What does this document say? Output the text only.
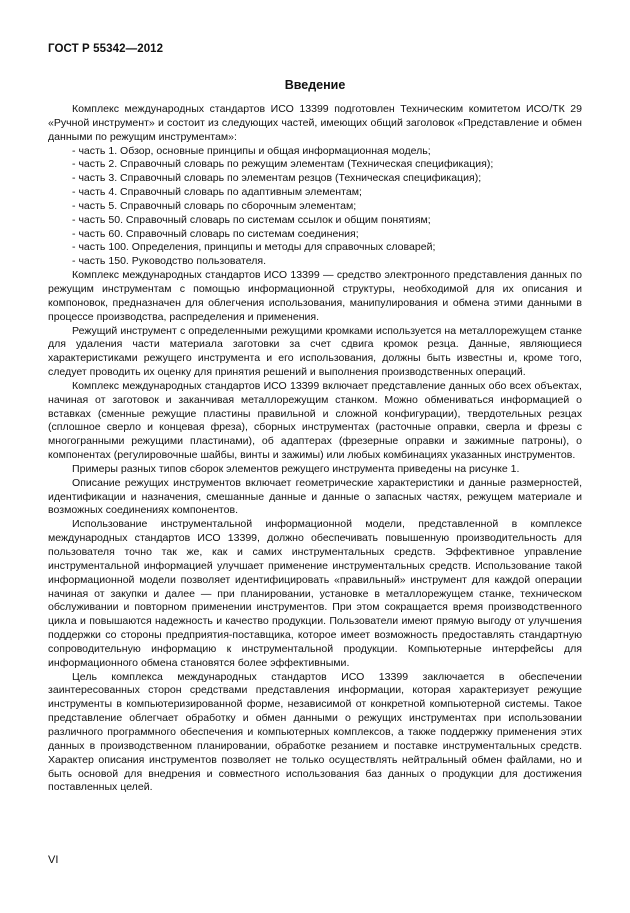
ГОСТ Р 55342—2012
Введение

Комплекс международных стандартов ИСО 13399 подготовлен Техническим комитетом ИСО/ТК 29 «Ручной инструмент» и состоит из следующих частей, имеющих общий заголовок «Представление и обмен данными по режущим инструментам»:

- часть 1. Обзор, основные принципы и общая информационная модель;
- часть 2. Справочный словарь по режущим элементам (Техническая спецификация);
- часть 3. Справочный словарь по элементам резцов (Техническая спецификация);
- часть 4. Справочный словарь по адаптивным элементам;
- часть 5. Справочный словарь по сборочным элементам;
- часть 50. Справочный словарь по системам ссылок и общим понятиям;
- часть 60. Справочный словарь по системам соединения;
- часть 100. Определения, принципы и методы для справочных словарей;
- часть 150. Руководство пользователя.

Комплекс международных стандартов ИСО 13399 — средство электронного представления данных по режущим инструментам с помощью информационной структуры, необходимой для их описания и компоновок, предназначен для облегчения использования, манипулирования и обмена этими данными в процессе производства, распределения и применения.

Режущий инструмент с определенными режущими кромками используется на металлорежущем станке для удаления части материала заготовки за счет сдвига кромок резца. Данные, являющиеся характеристиками режущего инструмента и его использования, должны быть известны и, кроме того, следует проводить их оценку для принятия решений и выполнения производственных операций.

Комплекс международных стандартов ИСО 13399 включает представление данных обо всех объектах, начиная от заготовок и заканчивая металлорежущим станком. Можно обмениваться информацией о вставках (сменные режущие пластины правильной и сложной конфигурации), твердотельных резцах (сплошное сверло и концевая фреза), сборных инструментах (расточные оправки, сверла и фрезы с многогранными режущими пластинами), об адаптерах (фрезерные оправки и зажимные патроны), о компонентах (регулировочные шайбы, винты и зажимы) или любых комбинациях указанных инструментов.

Примеры разных типов сборок элементов режущего инструмента приведены на рисунке 1.

Описание режущих инструментов включает геометрические характеристики и данные размерностей, идентификации и назначения, смешанные данные и данные о запасных частях, режущем материале и возможных соединениях компонентов.

Использование инструментальной информационной модели, представленной в комплексе международных стандартов ИСО 13399, должно обеспечивать повышенную производительность для пользователя точно так же, как и самих инструментальных средств. Эффективное управление инструментальной информацией улучшает применение инструментальных средств. Использование такой информационной модели позволяет идентифицировать «правильный» инструмент для каждой операции начиная от закупки и далее — при планировании, установке в металлорежущем станке, техническом обслуживании и повторном применении инструментов. При этом сокращается время производственного цикла и повышаются надежность и качество продукции. Пользователи имеют прямую выгоду от улучшения поддержки со стороны предприятия-поставщика, которое имеет возможность предоставлять стандартную сопроводительную информацию к инструментальной продукции. Компьютерные интерфейсы для информационного обмена становятся более эффективными.

Цель комплекса международных стандартов ИСО 13399 заключается в обеспечении заинтересованных сторон средствами представления информации, которая характеризует режущие инструменты в компьютеризированной форме, независимой от конкретной компьютерной системы. Такое представление облегчает обработку и обмен данными о режущих инструментах при использовании различного программного обеспечения и компьютерных комплексов, а также поддержку применения этих данных в производственном планировании, обработке резанием и поставке инструментальных средств. Характер описания инструментов позволяет не только осуществлять нейтральный обмен файлами, но и быть основой для внедрения и совместного использования баз данных о продукции для достижения поставленных целей.

VI
